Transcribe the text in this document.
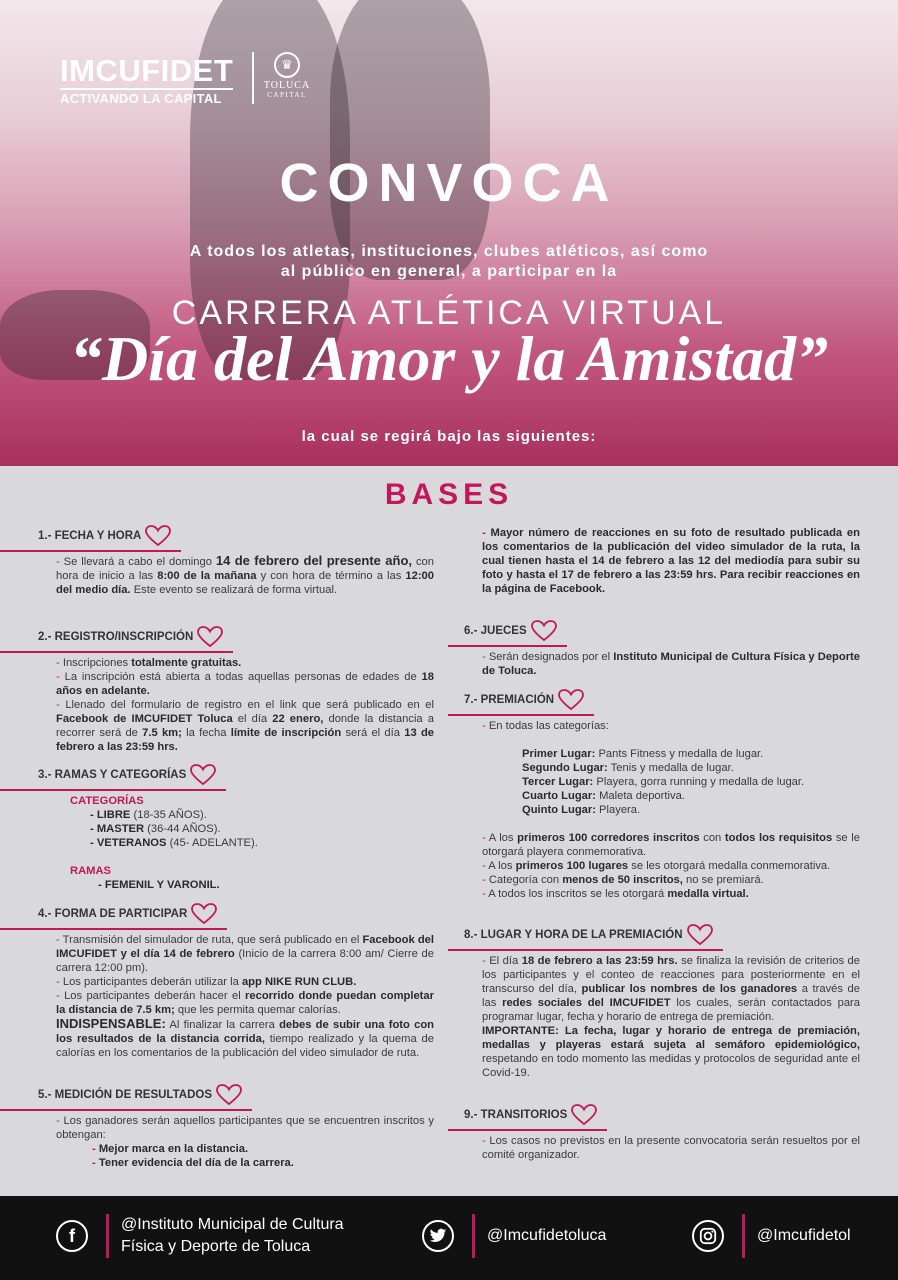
IMCUFIDET
ACTIVANDO LA CAPITAL
♛
TOLUCA
CAPITAL
CONVOCA
A todos los atletas, instituciones, clubes atléticos, así como
al público en general, a participar en la
CARRERA ATLÉTICA VIRTUAL
“Día del Amor y la Amistad”
la cual se regirá bajo las siguientes:
BASES
1.- FECHA Y HORA
- Se llevará a cabo el domingo 14 de febrero del presente año, con hora de inicio a las 8:00 de la mañana y con hora de término a las 12:00 del medio día. Este evento se realizará de forma virtual.
2.- REGISTRO/INSCRIPCIÓN
- Inscripciones totalmente gratuitas.
- La inscripción está abierta a todas aquellas personas de edades de 18 años en adelante.
- Llenado del formulario de registro en el link que será publicado en el Facebook de IMCUFIDET Toluca el día 22 enero, donde la distancia a recorrer será de 7.5 km; la fecha límite de inscripción será el día 13 de febrero a las 23:59 hrs.
3.- RAMAS Y CATEGORÍAS
CATEGORÍAS
- LIBRE (18-35 AÑOS).
- MASTER (36-44 AÑOS).
- VETERANOS (45- ADELANTE).
RAMAS
- FEMENIL Y VARONIL.
4.- FORMA DE PARTICIPAR
- Transmisión del simulador de ruta, que será publicado en el Facebook del IMCUFIDET y el día 14 de febrero (Inicio de la carrera 8:00 am/ Cierre de carrera 12:00 pm).
- Los participantes deberán utilizar la app NIKE RUN CLUB.
- Los participantes deberán hacer el recorrido donde puedan completar la distancia de 7.5 km; que les permita quemar calorías.
INDISPENSABLE: Al finalizar la carrera debes de subir una foto con los resultados de la distancia corrida, tiempo realizado y la quema de calorías en los comentarios de la publicación del video simulador de ruta.
5.- MEDICIÓN DE RESULTADOS
- Los ganadores serán aquellos participantes que se encuentren inscritos y obtengan:
- Mejor marca en la distancia.
- Tener evidencia del día de la carrera.
- Mayor número de reacciones en su foto de resultado publicada en los comentarios de la publicación del video simulador de la ruta, la cual tienen hasta el 14 de febrero a las 12 del mediodía para subir su foto y hasta el 17 de febrero a las 23:59 hrs. Para recibir reacciones en la página de Facebook.
6.- JUECES
- Serán designados por el Instituto Municipal de Cultura Física y Deporte de Toluca.
7.- PREMIACIÓN
- En todas las categorías:
Primer Lugar: Pants Fitness y medalla de lugar.
Segundo Lugar: Tenis y medalla de lugar.
Tercer Lugar: Playera, gorra running y medalla de lugar.
Cuarto Lugar: Maleta deportiva.
Quinto Lugar: Playera.
- A los primeros 100 corredores inscritos con todos los requisitos se le otorgará playera conmemorativa.
- A los primeros 100 lugares se les otorgará medalla conmemorativa.
- Categoría con menos de 50 inscritos, no se premiará.
- A todos los inscritos se les otorgará medalla virtual.
8.- LUGAR Y HORA DE LA PREMIACIÓN
- El día 18 de febrero a las 23:59 hrs. se finaliza la revisión de criterios de los participantes y el conteo de reacciones para posteriormente en el transcurso del día, publicar los nombres de los ganadores a través de las redes sociales del IMCUFIDET los cuales, serán contactados para programar lugar, fecha y horario de entrega de premiación.
IMPORTANTE: La fecha, lugar y horario de entrega de premiación, medallas y playeras estará sujeta al semáforo epidemiológico, respetando en todo momento las medidas y protocolos de seguridad ante el Covid-19.
9.- TRANSITORIOS
- Los casos no previstos en la presente convocatoria serán resueltos por el comité organizador.
f
@Instituto Municipal de Cultura
Física y Deporte de Toluca
@Imcufidetoluca	@Imcufidetol
